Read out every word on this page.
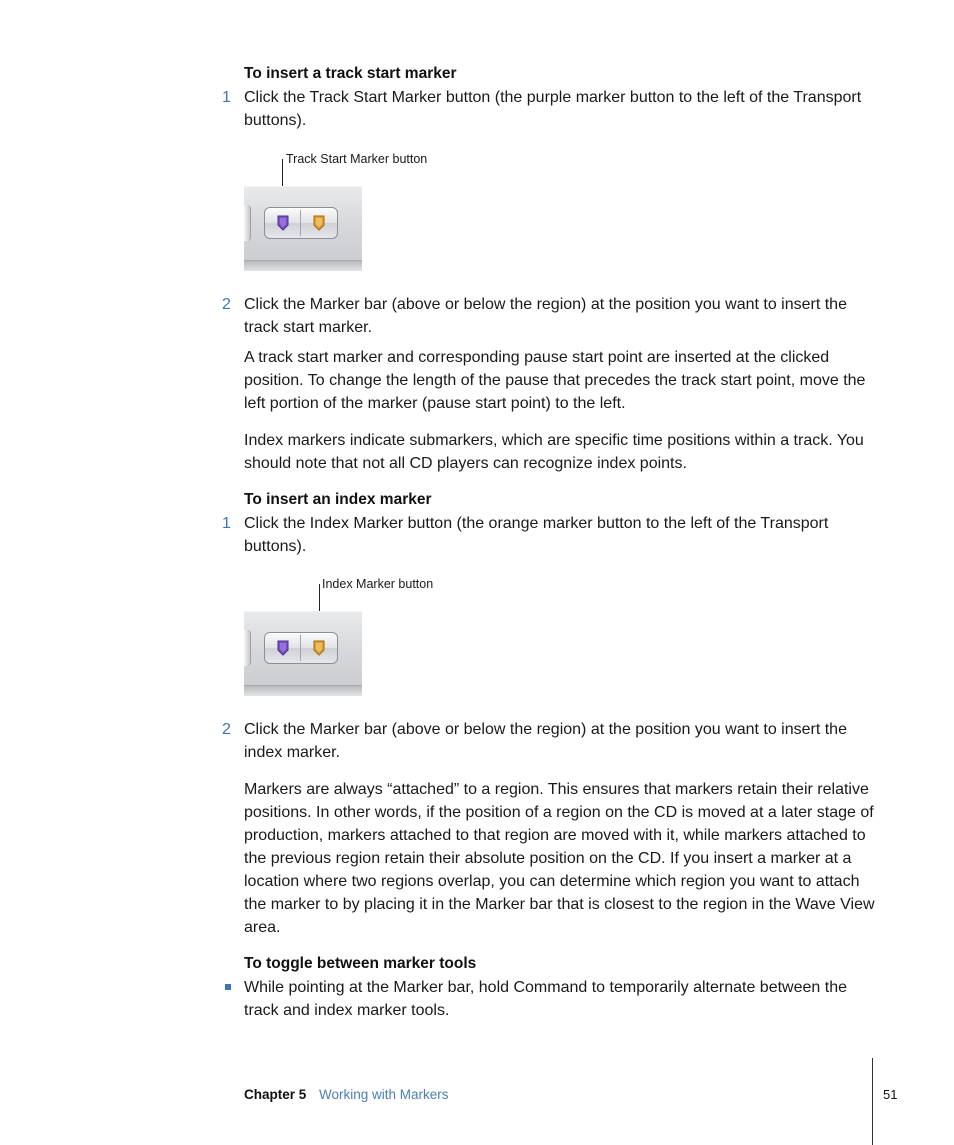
To insert a track start marker
1 Click the Track Start Marker button (the purple marker button to the left of the Transport buttons).
Track Start Marker button
2 Click the Marker bar (above or below the region) at the position you want to insert the track start marker.
A track start marker and corresponding pause start point are inserted at the clicked position. To change the length of the pause that precedes the track start point, move the left portion of the marker (pause start point) to the left.
Index markers indicate submarkers, which are specific time positions within a track. You should note that not all CD players can recognize index points.
To insert an index marker
1 Click the Index Marker button (the orange marker button to the left of the Transport buttons).
Index Marker button
2 Click the Marker bar (above or below the region) at the position you want to insert the index marker.
Markers are always “attached” to a region. This ensures that markers retain their relative positions. In other words, if the position of a region on the CD is moved at a later stage of production, markers attached to that region are moved with it, while markers attached to the previous region retain their absolute position on the CD. If you insert a marker at a location where two regions overlap, you can determine which region you want to attach the marker to by placing it in the Marker bar that is closest to the region in the Wave View area.
To toggle between marker tools
While pointing at the Marker bar, hold Command to temporarily alternate between the track and index marker tools.
Chapter 5 Working with Markers	51
